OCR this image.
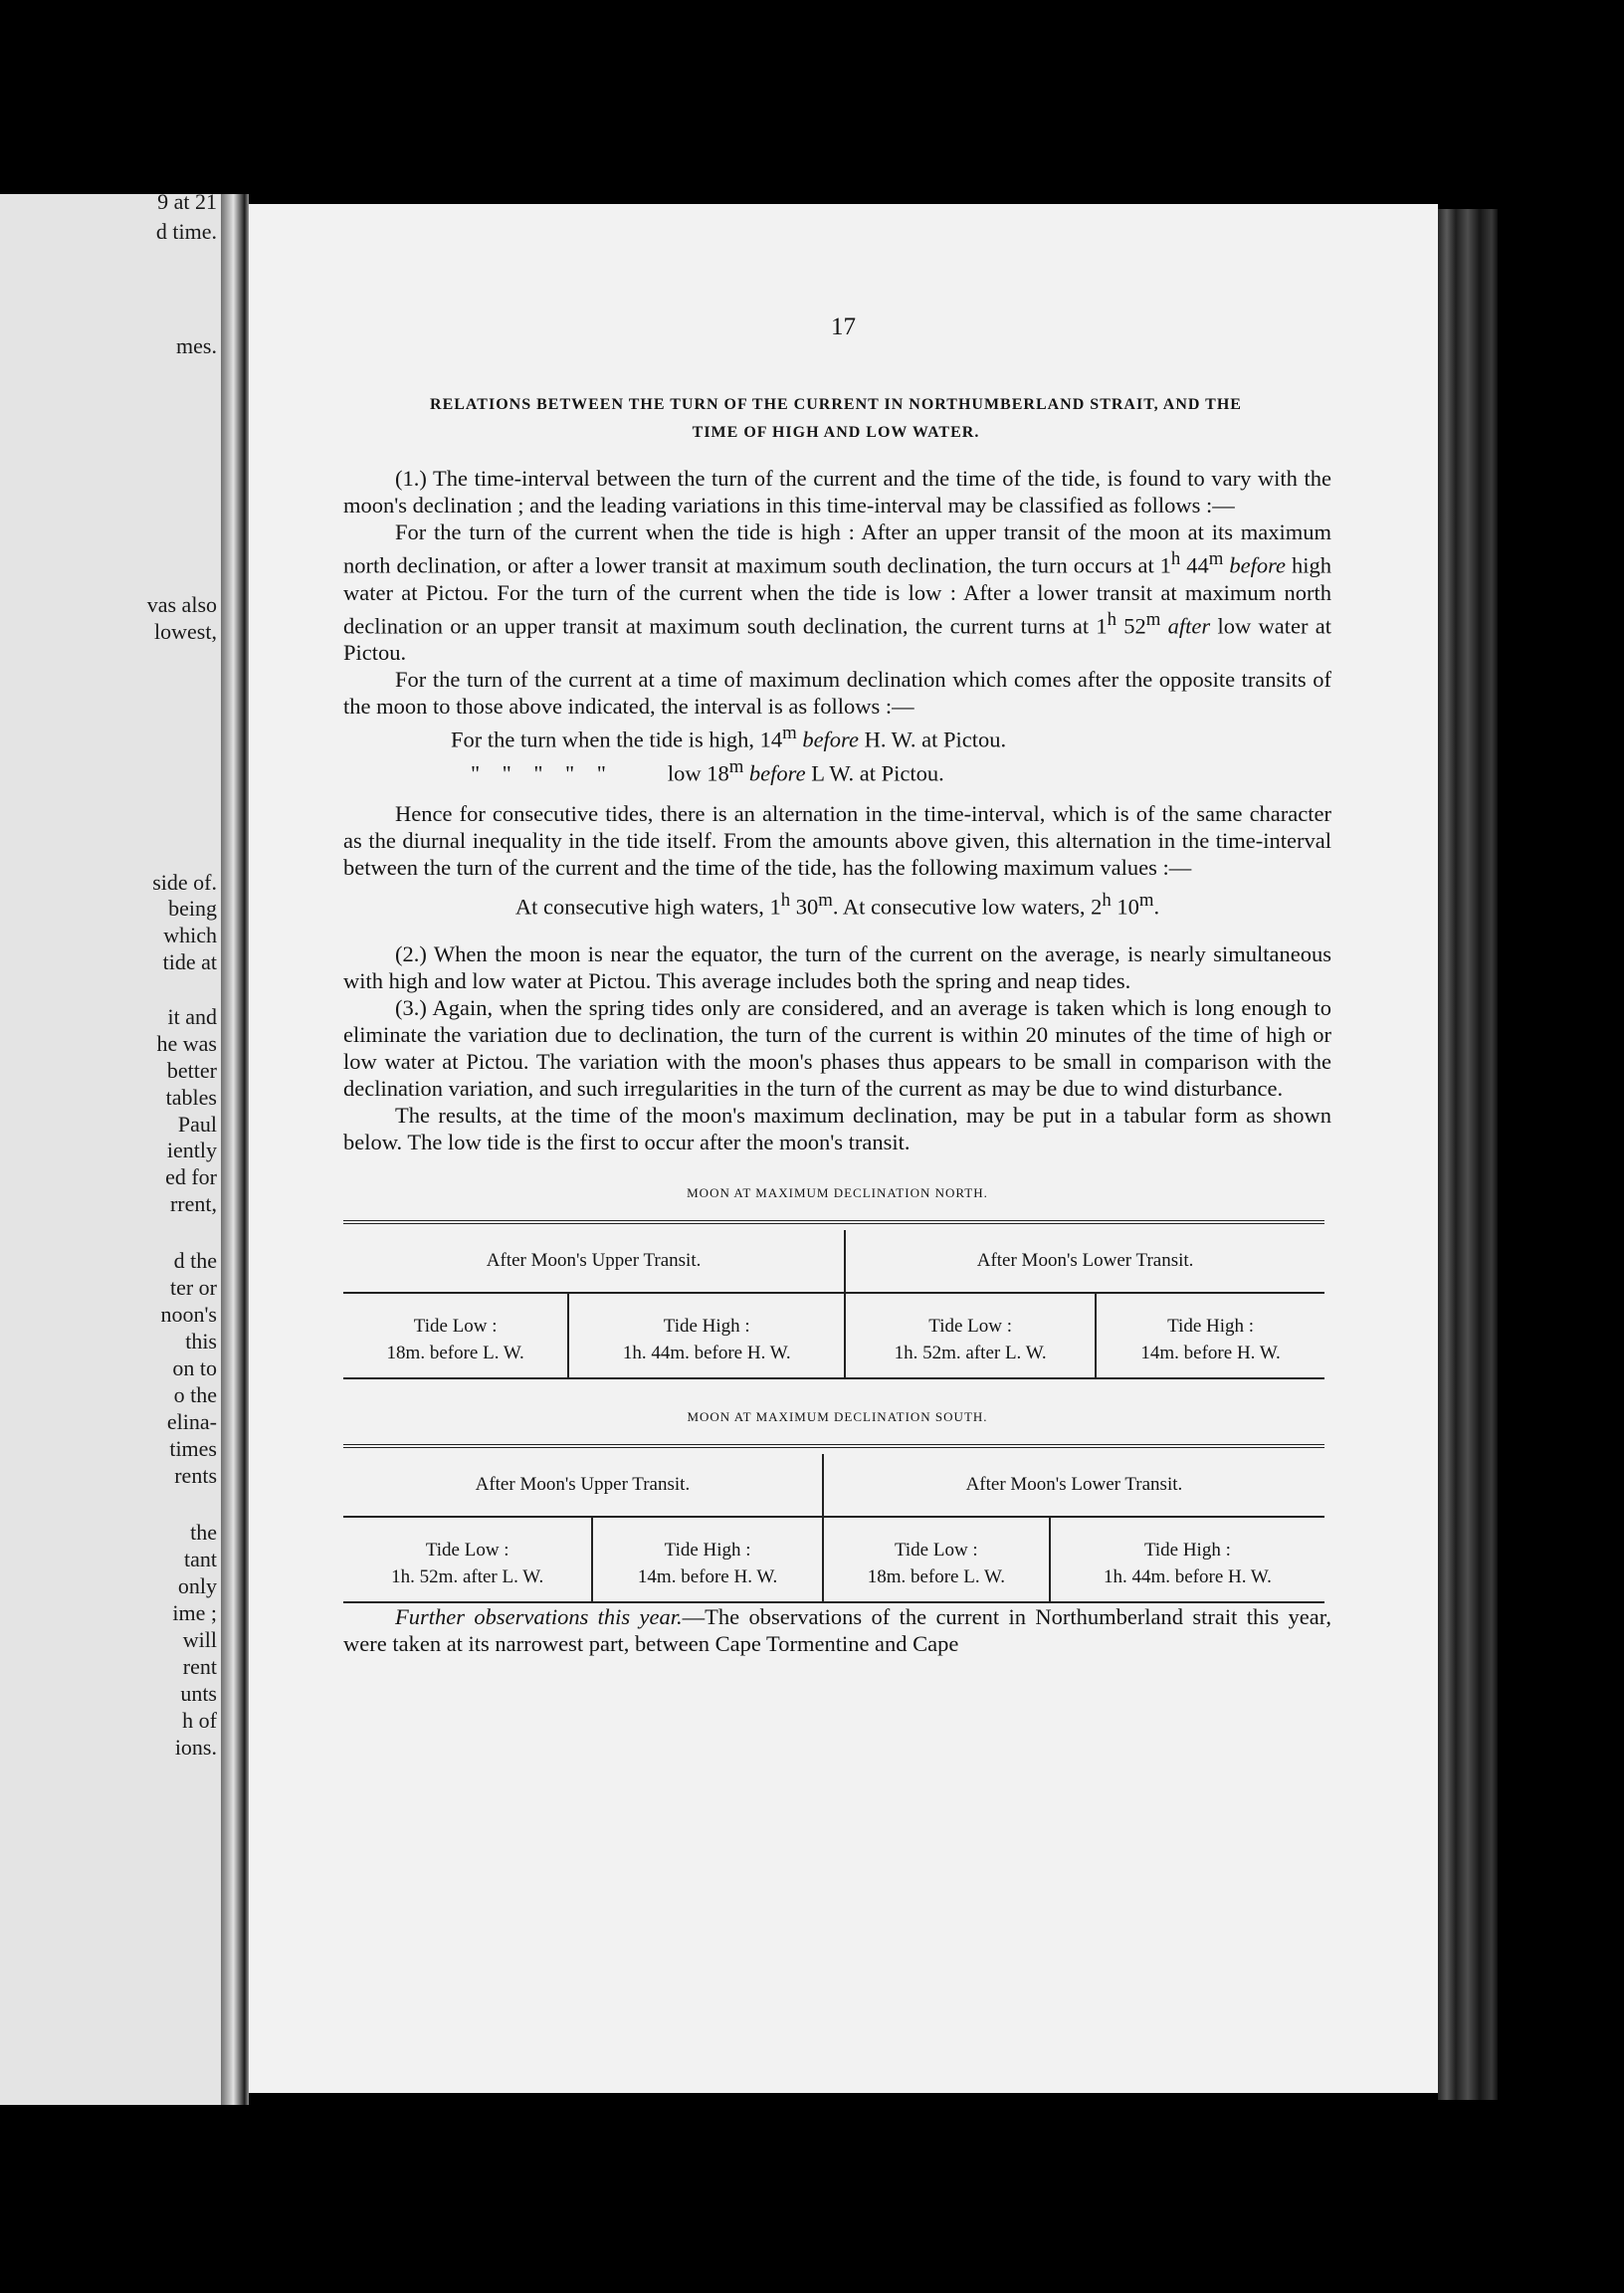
9 at 21
d time.
mes.
vas also
lowest,
side of.
being
which
tide at
it and
he was
better
tables
Paul
iently
ed for
rrent,
d the
ter or
noon's
this
on to
o the
elina-
times
rents
the
tant
only
ime ;
will
rent
unts
h of
ions.
17
RELATIONS BETWEEN THE TURN OF THE CURRENT IN NORTHUMBERLAND STRAIT, AND THE
TIME OF HIGH AND LOW WATER.

(1.) The time-interval between the turn of the current and the time of the tide, is found to vary with the moon's declination ; and the leading variations in this time-interval may be classified as follows :—

For the turn of the current when the tide is high : After an upper transit of the moon at its maximum north declination, or after a lower transit at maximum south declination, the turn occurs at 1$^h$ 44$^m$ before high water at Pictou. For the turn of the current when the tide is low : After a lower transit at maximum north declination or an upper transit at maximum south declination, the current turns at 1$^h$ 52$^m$ after low water at Pictou.

For the turn of the current at a time of maximum declination which comes after the opposite transits of the moon to those above indicated, the interval is as follows :—

For the turn when the tide is high, 14$^m$ before H. W. at Pictou.

"    "    "    "    "	low 18$^m$ before L W. at Pictou.

Hence for consecutive tides, there is an alternation in the time-interval, which is of the same character as the diurnal inequality in the tide itself. From the amounts above given, this alternation in the time-interval between the turn of the current and the time of the tide, has the following maximum values :—

At consecutive high waters, 1$^h$ 30$^m$. At consecutive low waters, 2$^h$ 10$^m$.

(2.) When the moon is near the equator, the turn of the current on the average, is nearly simultaneous with high and low water at Pictou. This average includes both the spring and neap tides.

(3.) Again, when the spring tides only are considered, and an average is taken which is long enough to eliminate the variation due to declination, the turn of the current is within 20 minutes of the time of high or low water at Pictou. The variation with the moon's phases thus appears to be small in comparison with the declination variation, and such irregularities in the turn of the current as may be due to wind disturbance.

The results, at the time of the moon's maximum declination, may be put in a tabular form as shown below. The low tide is the first to occur after the moon's transit.

MOON AT MAXIMUM DECLINATION NORTH.

After Moon's Upper Transit.		After Moon's Lower Transit.	
Tide Low :	Tide High :	Tide Low :	Tide High :
18m. before L. W.	1h. 44m. before H. W.	1h. 52m. after L. W.	14m. before H. W.
MOON AT MAXIMUM DECLINATION SOUTH.

After Moon's Upper Transit.		After Moon's Lower Transit.	
Tide Low :	Tide High :	Tide Low :	Tide High :
1h. 52m. after L. W.	14m. before H. W.	18m. before L. W.	1h. 44m. before H. W.

Further observations this year.—The observations of the current in Northumberland strait this year, were taken at its narrowest part, between Cape Tormentine and Cape
